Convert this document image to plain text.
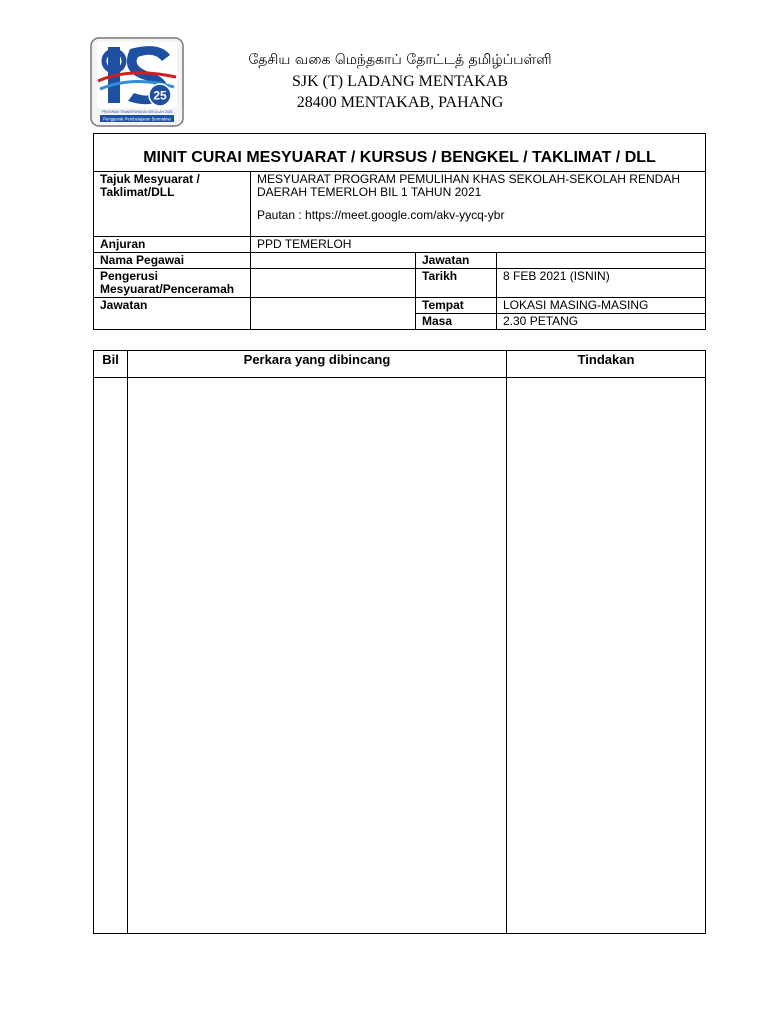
25
PROGRAM TRANSFORMASI SEKOLAH 2025
Penggerak Pembelajaran Bermakna
தேசிய வகை மெந்தகாப் தோட்டத் தமிழ்ப்பள்ளி
SJK (T) LADANG MENTAKAB
28400 MENTAKAB, PAHANG
MINIT CURAI MESYUARAT / KURSUS / BENGKEL / TAKLIMAT / DLL			
Tajuk Mesyuarat / Taklimat/DLL	MESYUARAT PROGRAM PEMULIHAN KHAS SEKOLAH-SEKOLAH RENDAH DAERAH TEMERLOH BIL 1 TAHUN 2021
Pautan : https://meet.google.com/akv-yycq-ybr		

Anjuran	PPD TEMERLOH		
Nama Pegawai		Jawatan	
Pengerusi Mesyuarat/Penceramah		Tarikh	8 FEB 2021 (ISNIN)
Jawatan		Tempat	LOKASI MASING-MASING
		Masa	2.30 PETANG
Bil	Perkara yang dibincang	Tindakan
